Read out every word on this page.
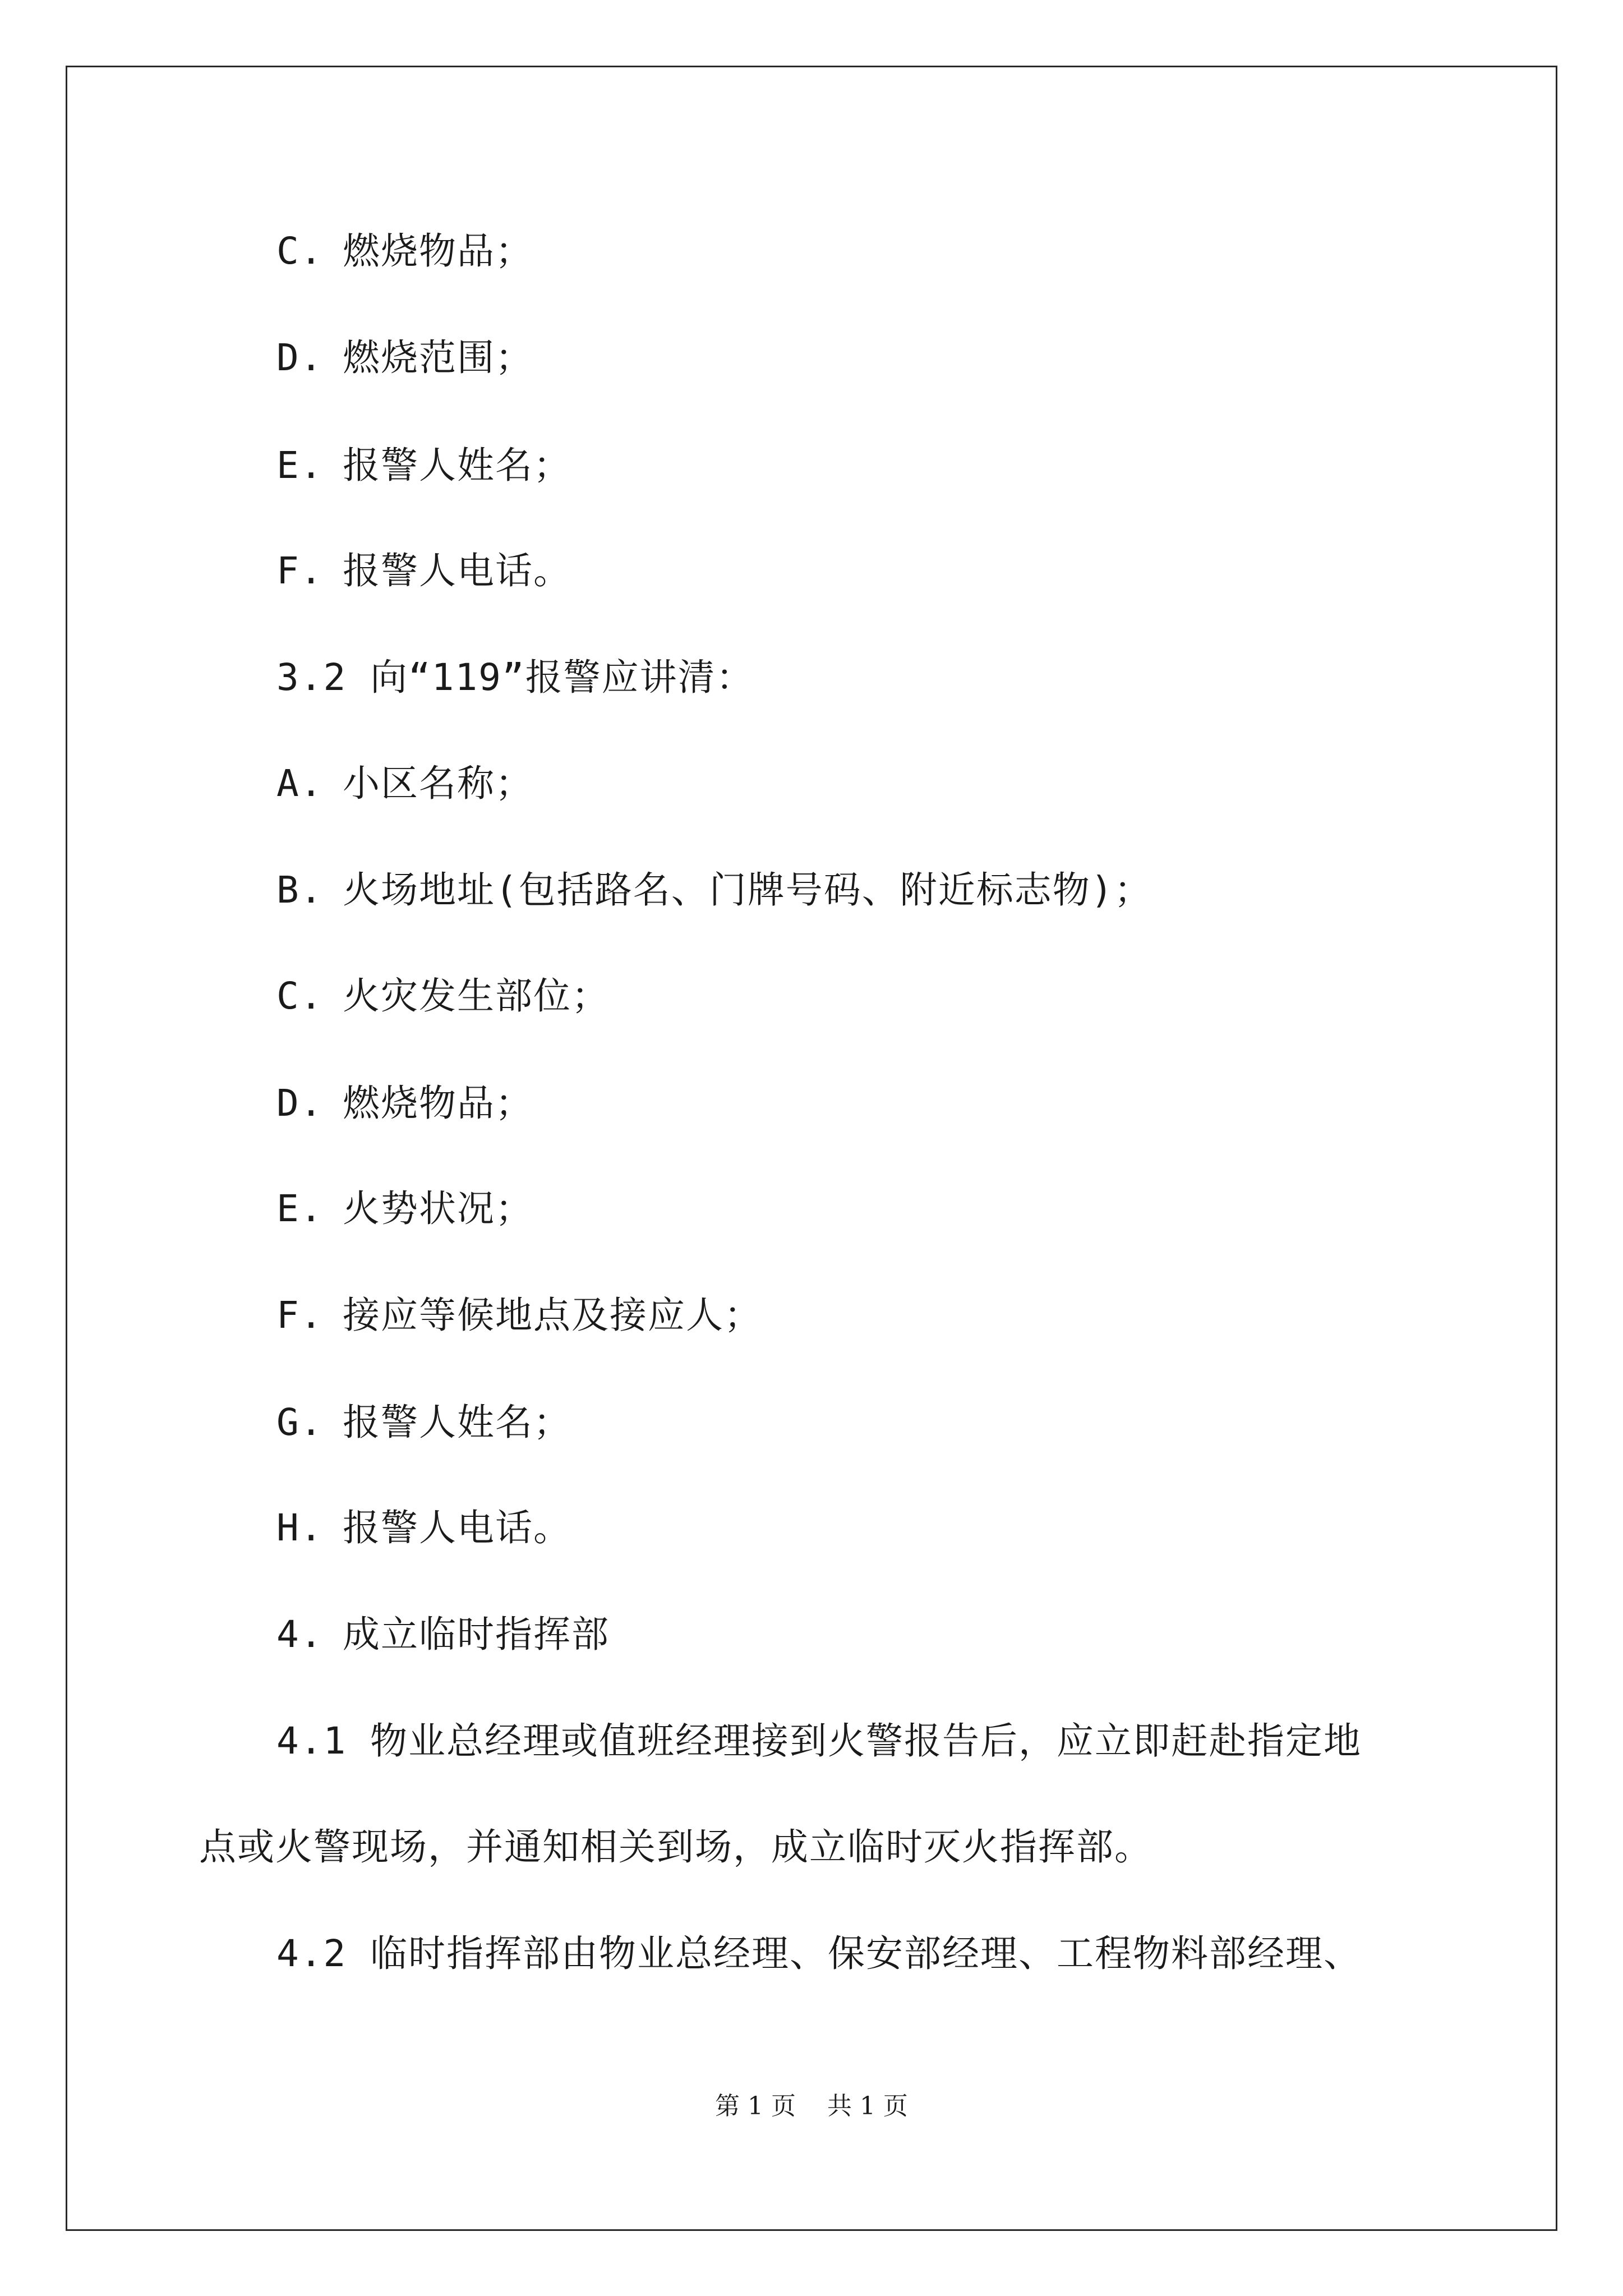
C. 燃烧物品；
D. 燃烧范围；
E. 报警人姓名；
F. 报警人电话。
3.2 向“119”报警应讲清：
A. 小区名称；
B. 火场地址(包括路名、门牌号码、附近标志物)；
C. 火灾发生部位；
D. 燃烧物品；
E. 火势状况；
F. 接应等候地点及接应人；
G. 报警人姓名；
H. 报警人电话。
4. 成立临时指挥部
4.1 物业总经理或值班经理接到火警报告后，应立即赶赴指定地
点或火警现场，并通知相关到场，成立临时灭火指挥部。
4.2 临时指挥部由物业总经理、保安部经理、工程物料部经理、
第 1 页 共 1 页
